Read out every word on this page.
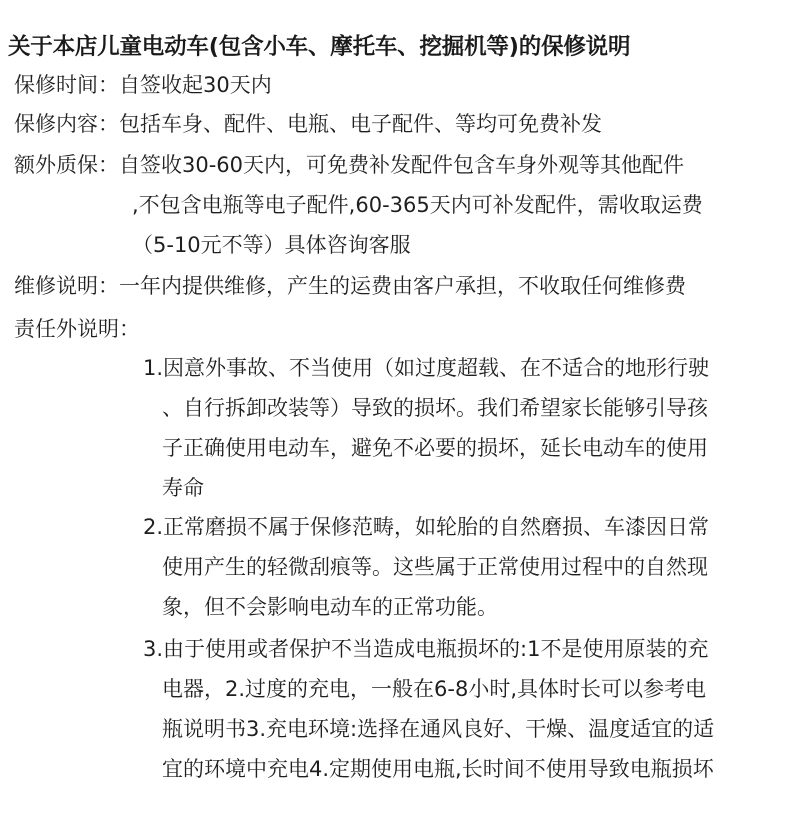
关于本店儿童电动车(包含小车、摩托车、挖掘机等)的保修说明
保修时间：自签收起30天内
保修内容：包括车身、配件、电瓶、电子配件、等均可免费补发
额外质保：自签收30-60天内，可免费补发配件包含车身外观等其他配件
,不包含电瓶等电子配件,60-365天内可补发配件，需收取运费
（5-10元不等）具体咨询客服
维修说明：一年内提供维修，产生的运费由客户承担，不收取任何维修费
责任外说明：
1.因意外事故、不当使用（如过度超载、在不适合的地形行驶
、自行拆卸改装等）导致的损坏。我们希望家长能够引导孩
子正确使用电动车，避免不必要的损坏，延长电动车的使用
寿命
2.正常磨损不属于保修范畴，如轮胎的自然磨损、车漆因日常
使用产生的轻微刮痕等。这些属于正常使用过程中的自然现
象，但不会影响电动车的正常功能。
3.由于使用或者保护不当造成电瓶损坏的:1不是使用原装的充
电器，2.过度的充电，一般在6-8小时,具体时长可以参考电
瓶说明书3.充电环境:选择在通风良好、干燥、温度适宜的适
宜的环境中充电4.定期使用电瓶,长时间不使用导致电瓶损坏
